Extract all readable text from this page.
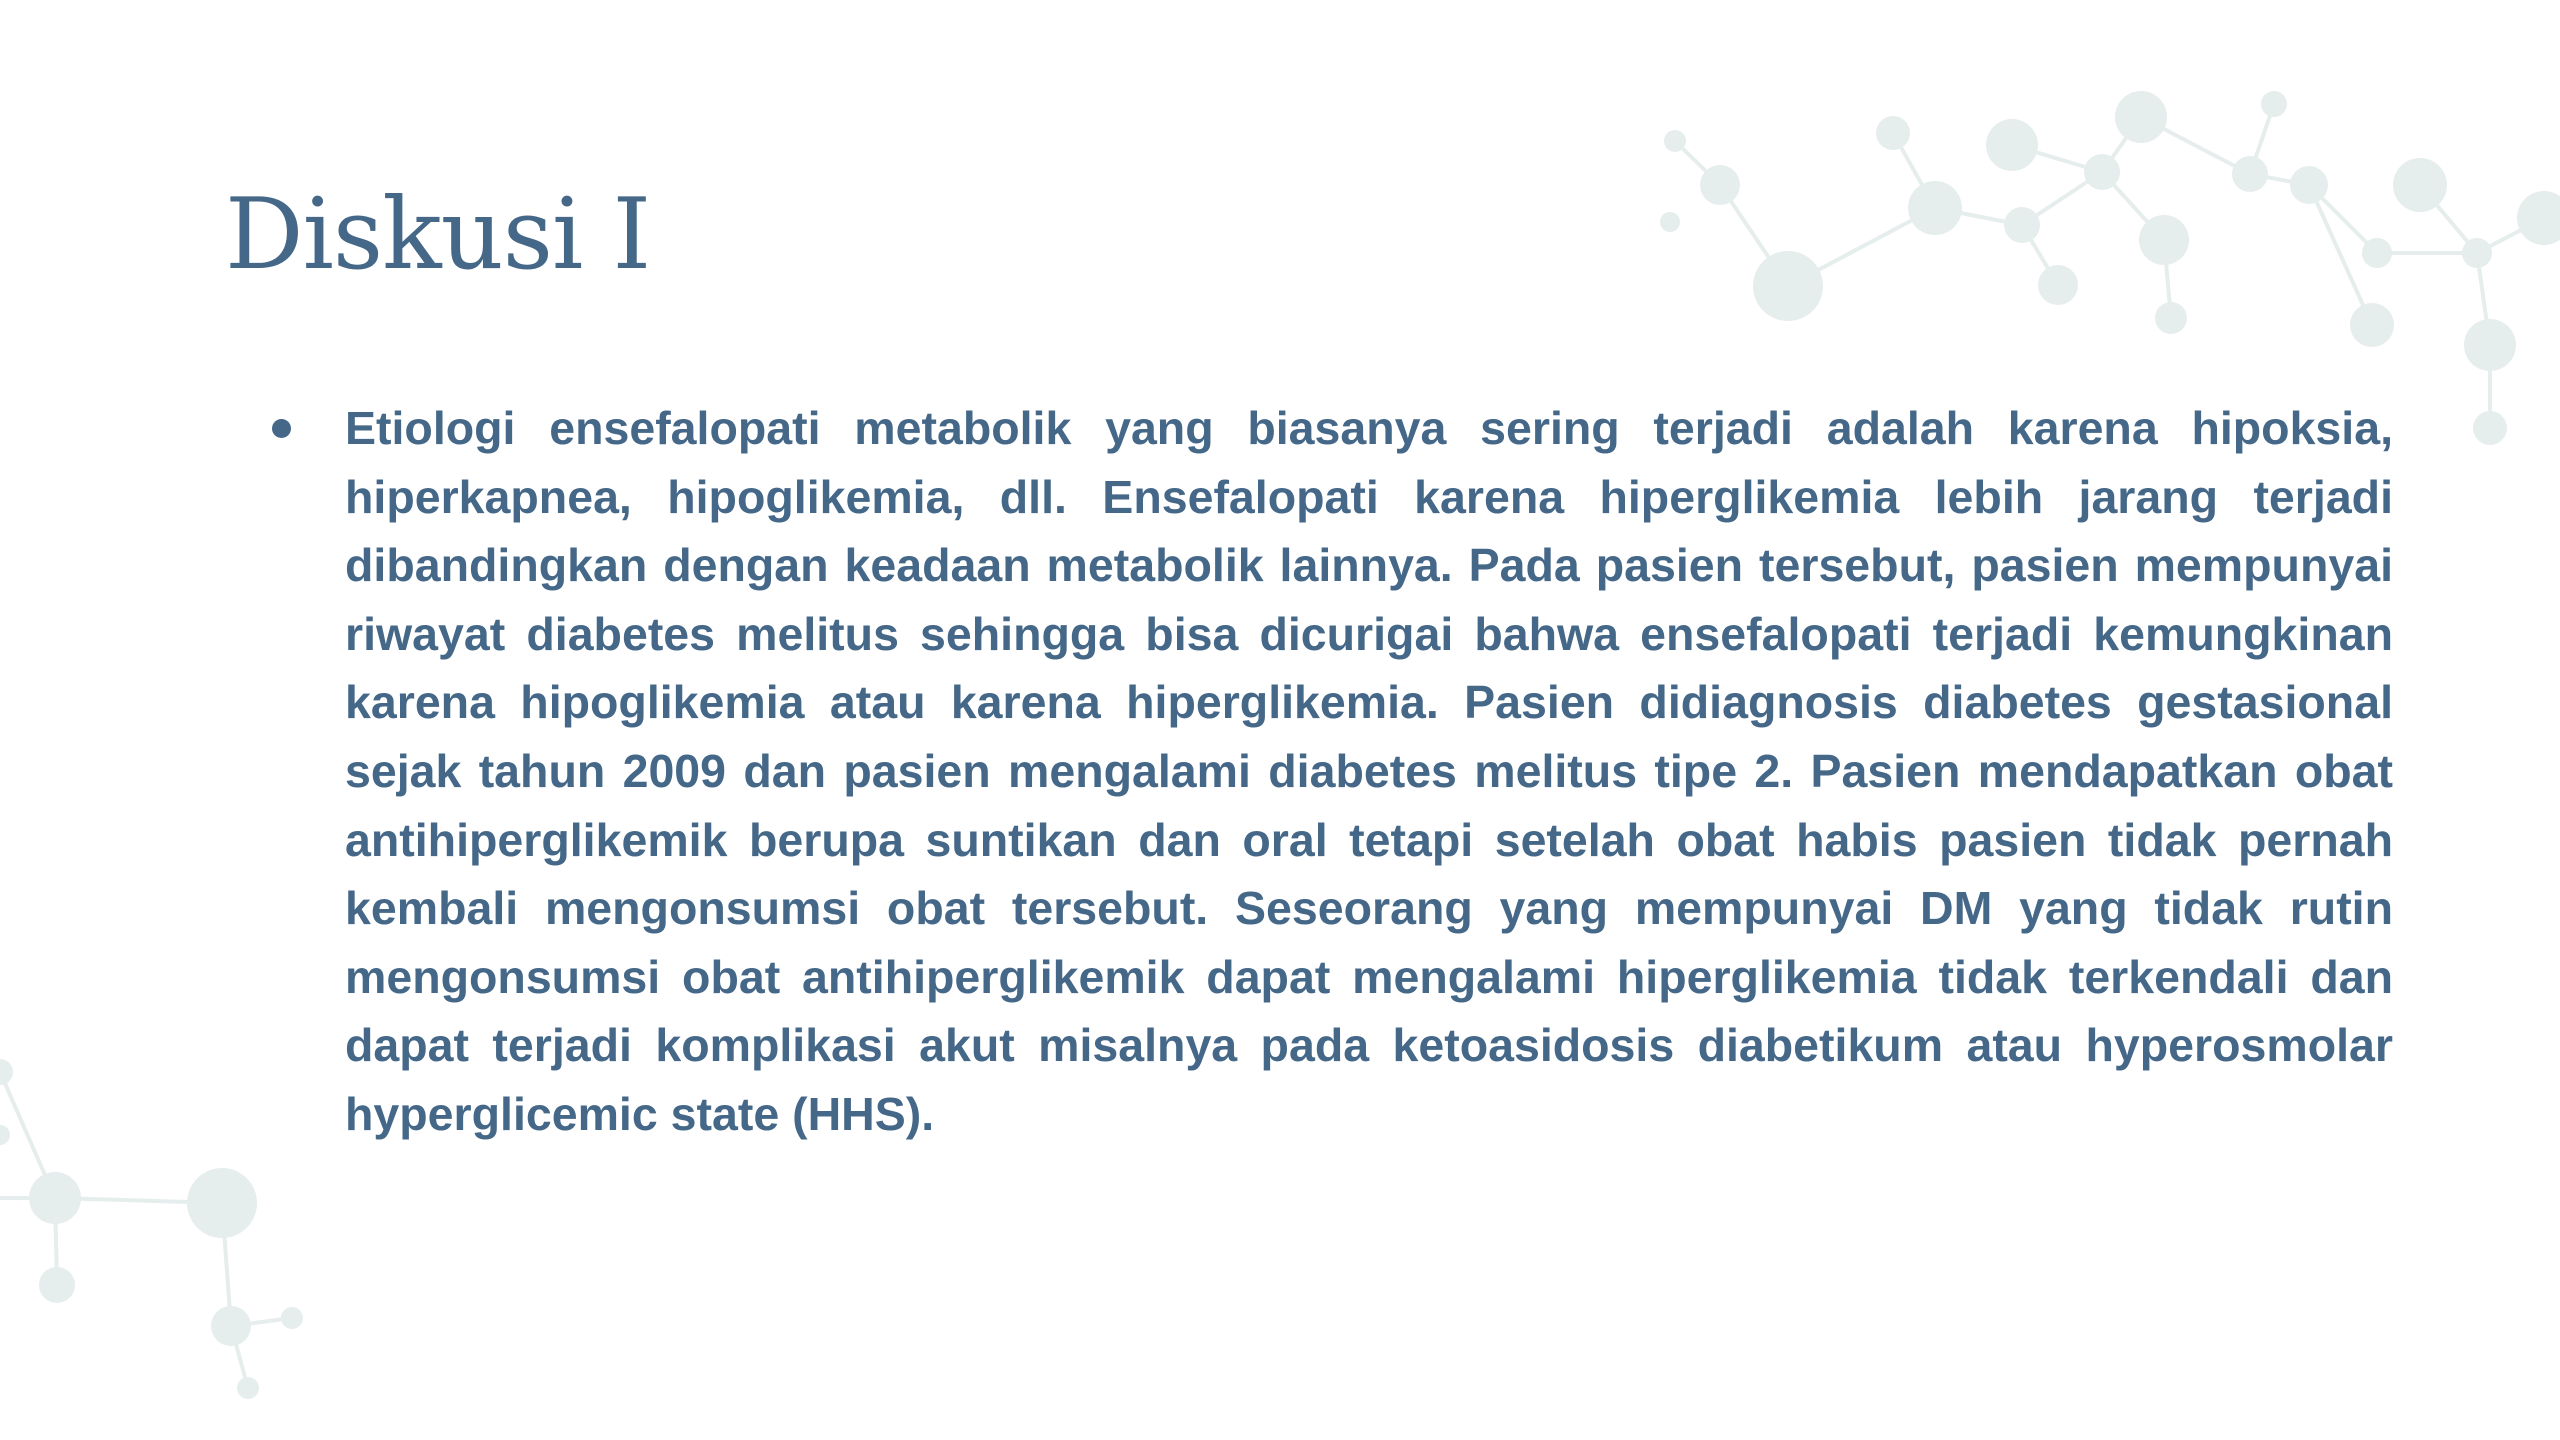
Diskusi I
Etiologi ensefalopati metabolik yang biasanya sering terjadi adalah karena hipoksia, hiperkapnea, hipoglikemia, dll. Ensefalopati karena hiperglikemia lebih jarang terjadi dibandingkan dengan keadaan metabolik lainnya. Pada pasien tersebut, pasien mempunyai riwayat diabetes melitus sehingga bisa dicurigai bahwa ensefalopati terjadi kemungkinan karena hipoglikemia atau karena hiperglikemia. Pasien didiagnosis diabetes gestasional sejak tahun 2009 dan pasien mengalami diabetes melitus tipe 2. Pasien mendapatkan obat antihiperglikemik berupa suntikan dan oral tetapi setelah obat habis pasien tidak pernah kembali mengonsumsi obat tersebut. Seseorang yang mempunyai DM yang tidak rutin mengonsumsi obat antihiperglikemik dapat mengalami hiperglikemia tidak terkendali dan dapat terjadi komplikasi akut misalnya pada ketoasidosis diabetikum atau hyperosmolar hyperglicemic state (HHS).
